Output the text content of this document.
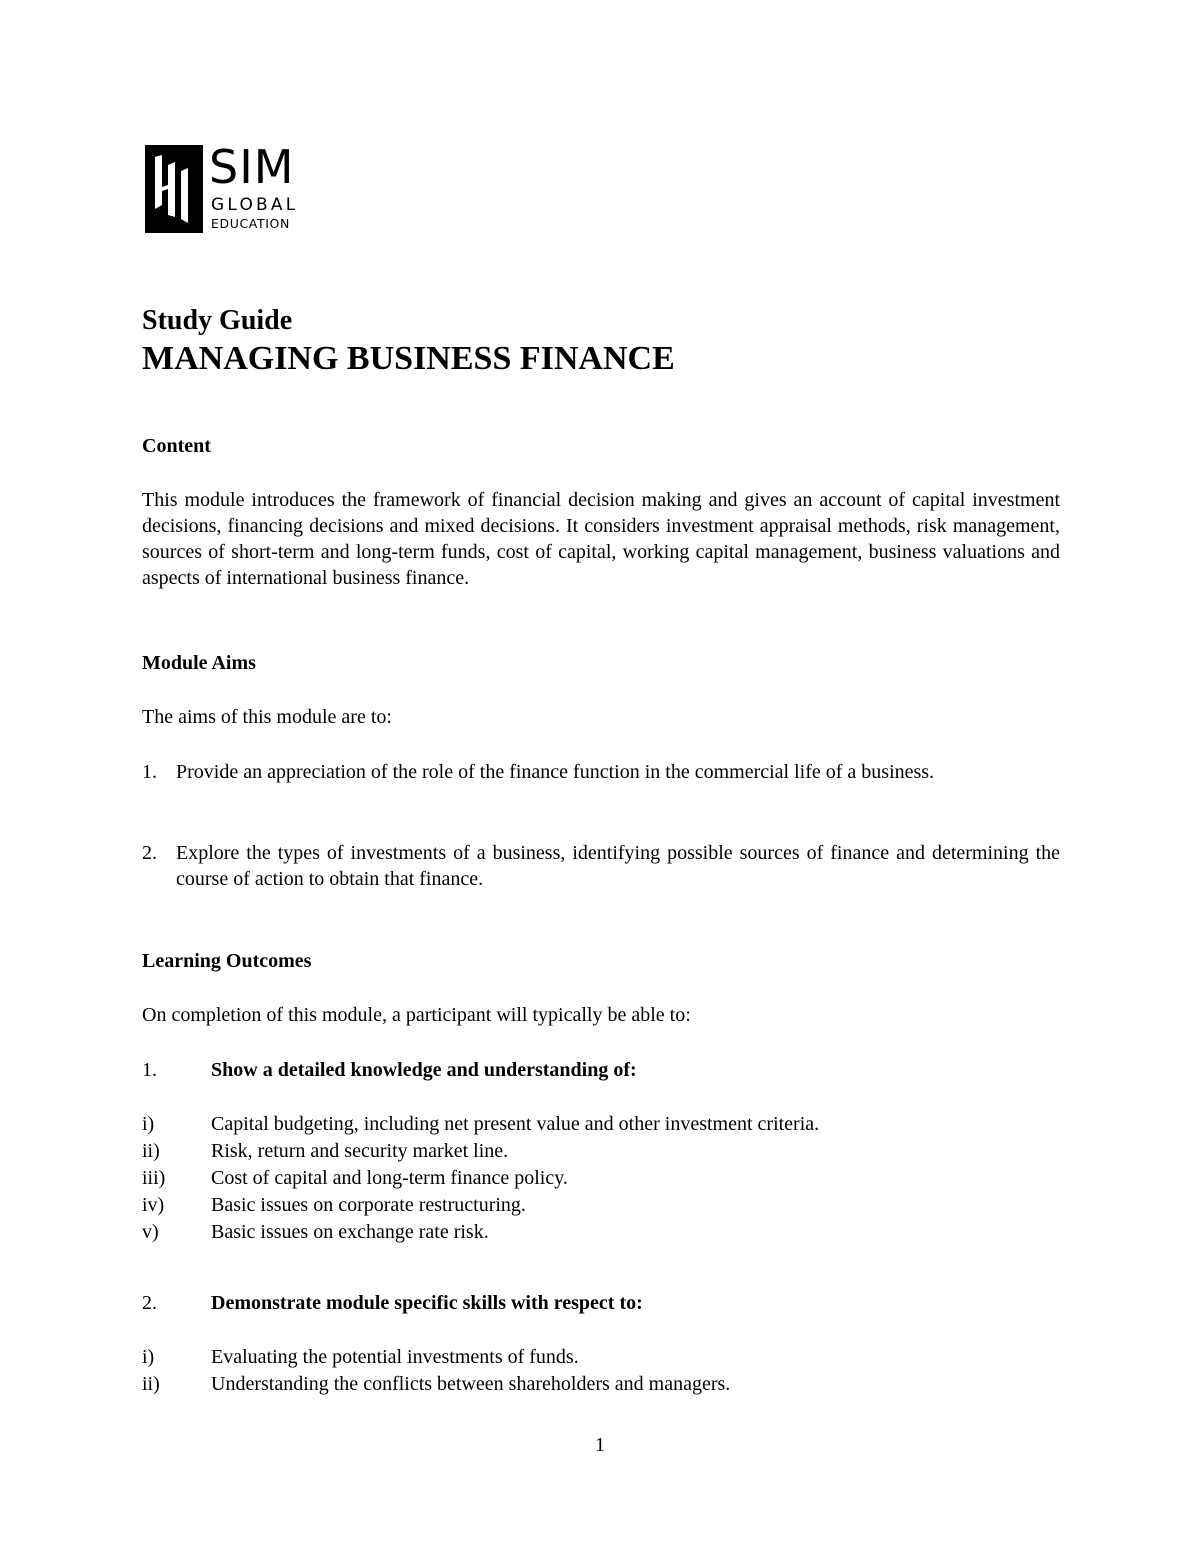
SIM
GLOBAL
EDUCATION
Study Guide
MANAGING BUSINESS FINANCE
Content
This module introduces the framework of financial decision making and gives an account of capital investment decisions, financing decisions and mixed decisions. It considers investment appraisal methods, risk management, sources of short-term and long-term funds, cost of capital, working capital management, business valuations and aspects of international business finance.
Module Aims
The aims of this module are to:
1. Provide an appreciation of the role of the finance function in the commercial life of a business.
2. Explore the types of investments of a business, identifying possible sources of finance and determining the course of action to obtain that finance.
Learning Outcomes
On completion of this module, a participant will typically be able to:
1.	Show a detailed knowledge and understanding of:
i)	Capital budgeting, including net present value and other investment criteria.
ii)	Risk, return and security market line.
iii) Cost of capital and long-term finance policy.
iv) Basic issues on corporate restructuring.
v)	Basic issues on exchange rate risk.
2.	Demonstrate module specific skills with respect to:
i)	Evaluating the potential investments of funds.
ii)	Understanding the conflicts between shareholders and managers.
1
